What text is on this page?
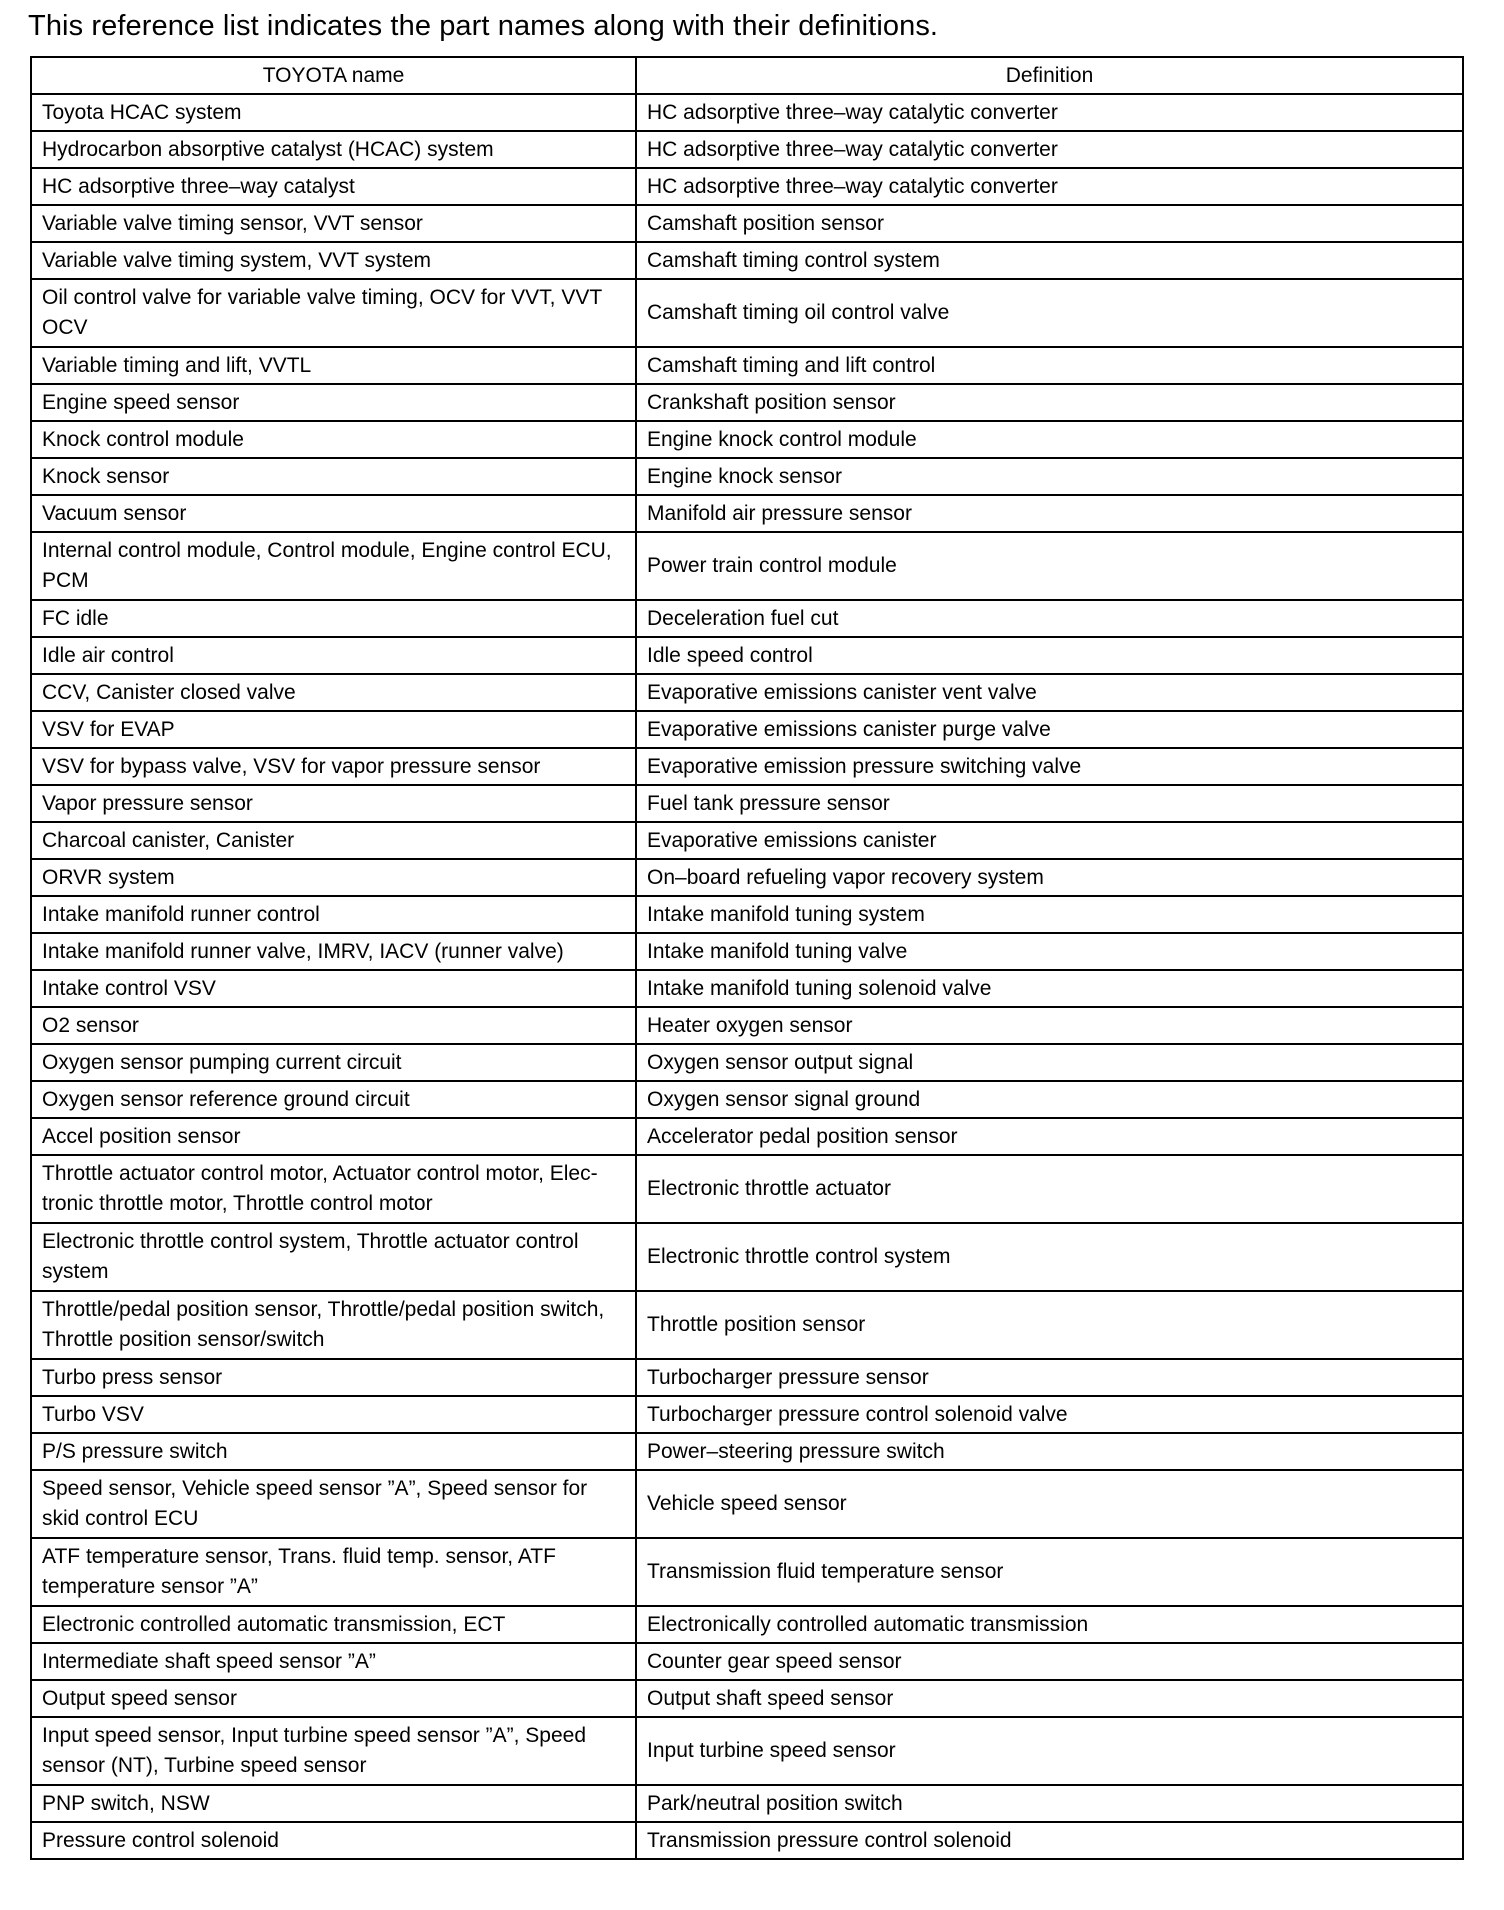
This reference list indicates the part names along with their definitions.
TOYOTA name	Definition
Toyota HCAC system	HC adsorptive three–way catalytic converter
Hydrocarbon absorptive catalyst (HCAC) system	HC adsorptive three–way catalytic converter
HC adsorptive three–way catalyst	HC adsorptive three–way catalytic converter
Variable valve timing sensor, VVT sensor	Camshaft position sensor
Variable valve timing system, VVT system	Camshaft timing control system
Oil control valve for variable valve timing, OCV for VVT, VVT OCV	Camshaft timing oil control valve
Variable timing and lift, VVTL	Camshaft timing and lift control
Engine speed sensor	Crankshaft position sensor
Knock control module	Engine knock control module
Knock sensor	Engine knock sensor
Vacuum sensor	Manifold air pressure sensor
Internal control module, Control module, Engine control ECU, PCM	Power train control module
FC idle	Deceleration fuel cut
Idle air control	Idle speed control
CCV, Canister closed valve	Evaporative emissions canister vent valve
VSV for EVAP	Evaporative emissions canister purge valve
VSV for bypass valve, VSV for vapor pressure sensor	Evaporative emission pressure switching valve
Vapor pressure sensor	Fuel tank pressure sensor
Charcoal canister, Canister	Evaporative emissions canister
ORVR system	On–board refueling vapor recovery system
Intake manifold runner control	Intake manifold tuning system
Intake manifold runner valve, IMRV, IACV (runner valve)	Intake manifold tuning valve
Intake control VSV	Intake manifold tuning solenoid valve
O2 sensor	Heater oxygen sensor
Oxygen sensor pumping current circuit	Oxygen sensor output signal
Oxygen sensor reference ground circuit	Oxygen sensor signal ground
Accel position sensor	Accelerator pedal position sensor
Throttle actuator control motor, Actuator control motor, Elec-
tronic throttle motor, Throttle control motor	Electronic throttle actuator
Electronic throttle control system, Throttle actuator control system	Electronic throttle control system
Throttle/pedal position sensor, Throttle/pedal position switch, Throttle position sensor/switch	Throttle position sensor
Turbo press sensor	Turbocharger pressure sensor
Turbo VSV	Turbocharger pressure control solenoid valve
P/S pressure switch	Power–steering pressure switch
Speed sensor, Vehicle speed sensor ”A”, Speed sensor for skid control ECU	Vehicle speed sensor
ATF temperature sensor, Trans. fluid temp. sensor, ATF temperature sensor ”A”	Transmission fluid temperature sensor
Electronic controlled automatic transmission, ECT	Electronically controlled automatic transmission
Intermediate shaft speed sensor ”A”	Counter gear speed sensor
Output speed sensor	Output shaft speed sensor
Input speed sensor, Input turbine speed sensor ”A”, Speed sensor (NT), Turbine speed sensor	Input turbine speed sensor
PNP switch, NSW	Park/neutral position switch
Pressure control solenoid	Transmission pressure control solenoid
